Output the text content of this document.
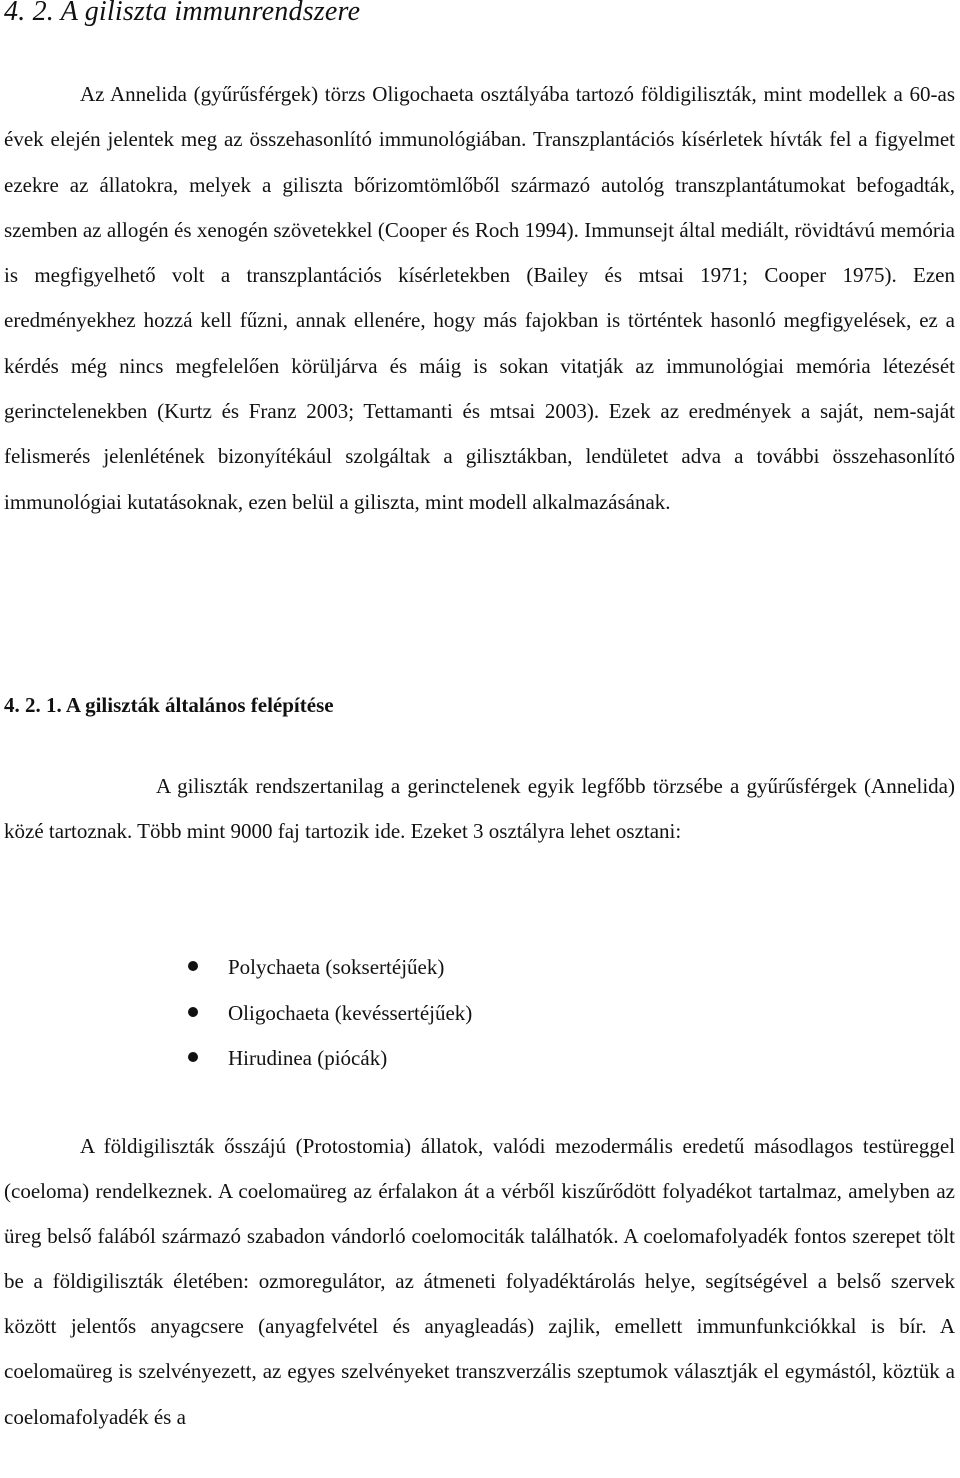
4. 2. A giliszta immunrendszere

Az Annelida (gyűrűsférgek) törzs Oligochaeta osztályába tartozó földigiliszták, mint modellek a 60-as évek elején jelentek meg az összehasonlító immunológiában. Transzplantációs kísérletek hívták fel a figyelmet ezekre az állatokra, melyek a giliszta bőrizomtömlőből származó autológ transzplantátumokat befogadták, szemben az allogén és xenogén szövetekkel (Cooper és Roch 1994). Immunsejt által mediált, rövidtávú memória is megfigyelhető volt a transzplantációs kísérletekben (Bailey és mtsai 1971; Cooper 1975). Ezen eredményekhez hozzá kell fűzni, annak ellenére, hogy más fajokban is történtek hasonló megfigyelések, ez a kérdés még nincs megfelelően körüljárva és máig is sokan vitatják az immunológiai memória létezését gerinctelenekben (Kurtz és Franz 2003; Tettamanti és mtsai 2003). Ezek az eredmények a saját, nem-saját felismerés jelenlétének bizonyítékául szolgáltak a gilisztákban, lendületet adva a további összehasonlító immunológiai kutatásoknak, ezen belül a giliszta, mint modell alkalmazásának.

4. 2. 1. A giliszták általános felépítése

A giliszták rendszertanilag a gerinctelenek egyik legfőbb törzsébe a gyűrűsférgek (Annelida) közé tartoznak. Több mint 9000 faj tartozik ide. Ezeket 3 osztályra lehet osztani:

Polychaeta (soksertéjűek)
Oligochaeta (kevéssertéjűek)
Hirudinea (piócák)

A földigiliszták ősszájú (Protostomia) állatok, valódi mezodermális eredetű másodlagos testüreggel (coeloma) rendelkeznek. A coelomaüreg az érfalakon át a vérből kiszűrődött folyadékot tartalmaz, amelyben az üreg belső falából származó szabadon vándorló coelomociták találhatók. A coelomafolyadék fontos szerepet tölt be a földigiliszták életében: ozmoregulátor, az átmeneti folyadéktárolás helye, segítségével a belső szervek között jelentős anyagcsere (anyagfelvétel és anyagleadás) zajlik, emellett immunfunkciókkal is bír. A coelomaüreg is szelvényezett, az egyes szelvényeket transzverzális szeptumok választják el egymástól, köztük a coelomafolyadék és a
